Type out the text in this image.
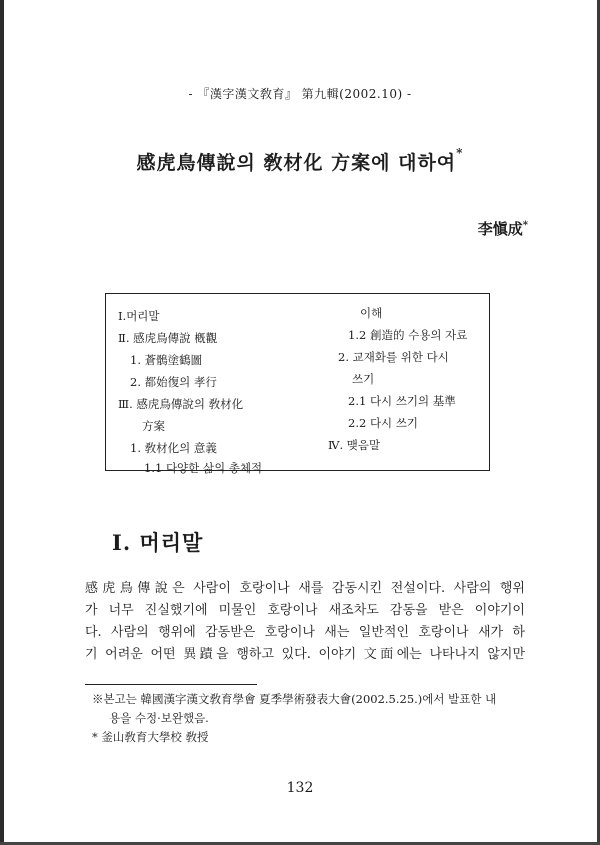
- 『漢字漢文敎育』 第九輯(2002.10) -
感虎鳥傳說의 敎材化 方案에 대하여*
李愼成*
Ⅰ.머리말
Ⅱ. 感虎鳥傳說 槪觀
1. 蒼鶻塗鶴圖
2. 都始復의 孝行
Ⅲ. 感虎鳥傳說의 敎材化
方案
1. 敎材化의 意義
1.1 다양한 삶의 총체적
이해
1.2 創造的 수용의 자료
2. 교재화를 위한 다시
쓰기
2.1 다시 쓰기의 基準
2.2 다시 쓰기
Ⅳ. 맺음말
Ⅰ. 머리말
感虎鳥傳說은 사람이 호랑이나 새를 감동시킨 전설이다. 사람의 행위
가 너무 진실했기에 미물인 호랑이나 새조차도 감동을 받은 이야기이
다. 사람의 행위에 감동받은 호랑이나 새는 일반적인 호랑이나 새가 하
기 어려운 어떤 異蹟을 행하고 있다. 이야기 文面에는 나타나지 않지만
※본고는 韓國漢字漢文敎育學會 夏季學術發表大會(2002.5.25.)에서 발표한 내
용을 수정·보완했음.
* 釜山敎育大學校 敎授
132
